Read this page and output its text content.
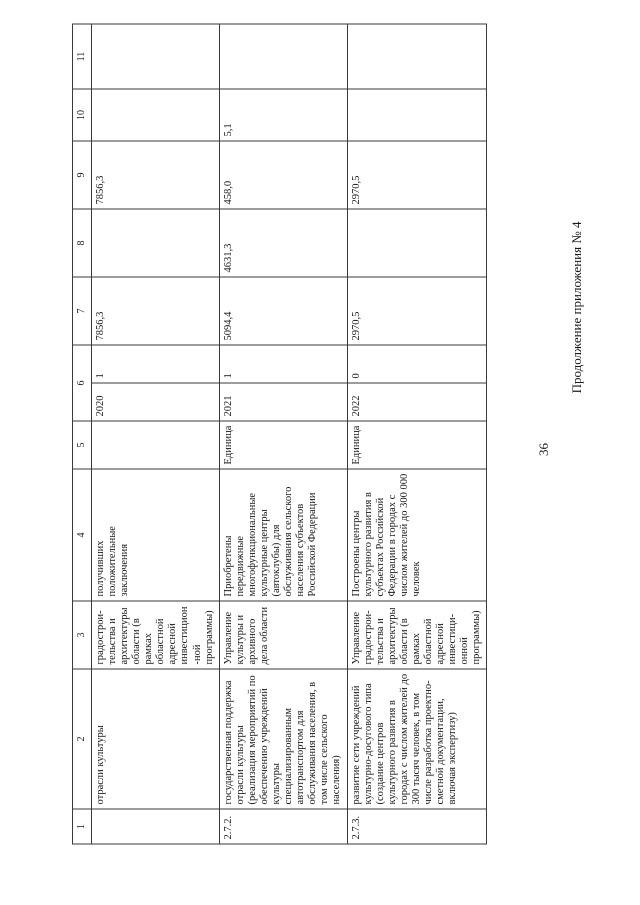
36
Продолжение приложения № 4
1	2	3	4	5	6		7	8	9	10	11
	отрасли культуры	градострои-тельства и архитектуры области (в рамках областной адресной инвестицион-ной программы)	получивших положительные заключения		2020	1	7856,3		7856,3		
2.7.2.	государственная поддержка отрасли культуры (реализация мероприятий по обеспечению учреждений культуры специализированным автотранспортом для обслуживания населения, в том числе сельского населения)	Управление культуры и архивного дела области	Приобретены передвижные многофункциональные культурные центры (автоклубы) для обслуживания сельского населения субъектов Российской Федерации	Единица	2021	1	5094,4	4631,3	458,0	5,1	
2.7.3.	развитие сети учреждений культурно-досугового типа (создание центров культурного развития в городах с числом жителей до 300 тысяч человек, в том числе разработка проектно-сметной документации, включая экспертизу)	Управление градострои-тельства и архитектуры области (в рамках областной адресной инвестици-онной программы)	Построены центры культурного развития в субъектах Российской Федерации в городах с числом жителей до 300 000 человек	Единица	2022	0	2970,5		2970,5		
